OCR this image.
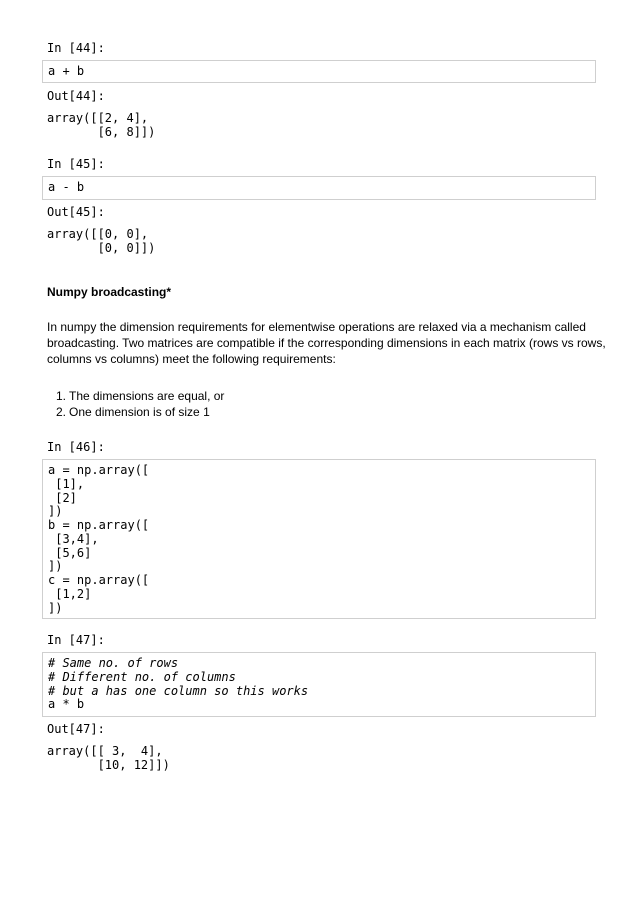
In [44]:
a + b
Out[44]:
array([[2, 4],
[6, 8]])
In [45]:
a - b
Out[45]:
array([[0, 0],
[0, 0]])
Numpy broadcasting*
In numpy the dimension requirements for elementwise operations are relaxed via a mechanism called
broadcasting. Two matrices are compatible if the corresponding dimensions in each matrix (rows vs rows,
columns vs columns) meet the following requirements:
1. The dimensions are equal, or
2. One dimension is of size 1
In [46]:
a = np.array([
[1],
[2]
])
b = np.array([
[3,4],
[5,6]
])
c = np.array([
[1,2]
])
In [47]:
# Same no. of rows
# Different no. of columns
# but a has one column so this works
a * b
Out[47]:
array([[ 3,  4],
[10, 12]])
